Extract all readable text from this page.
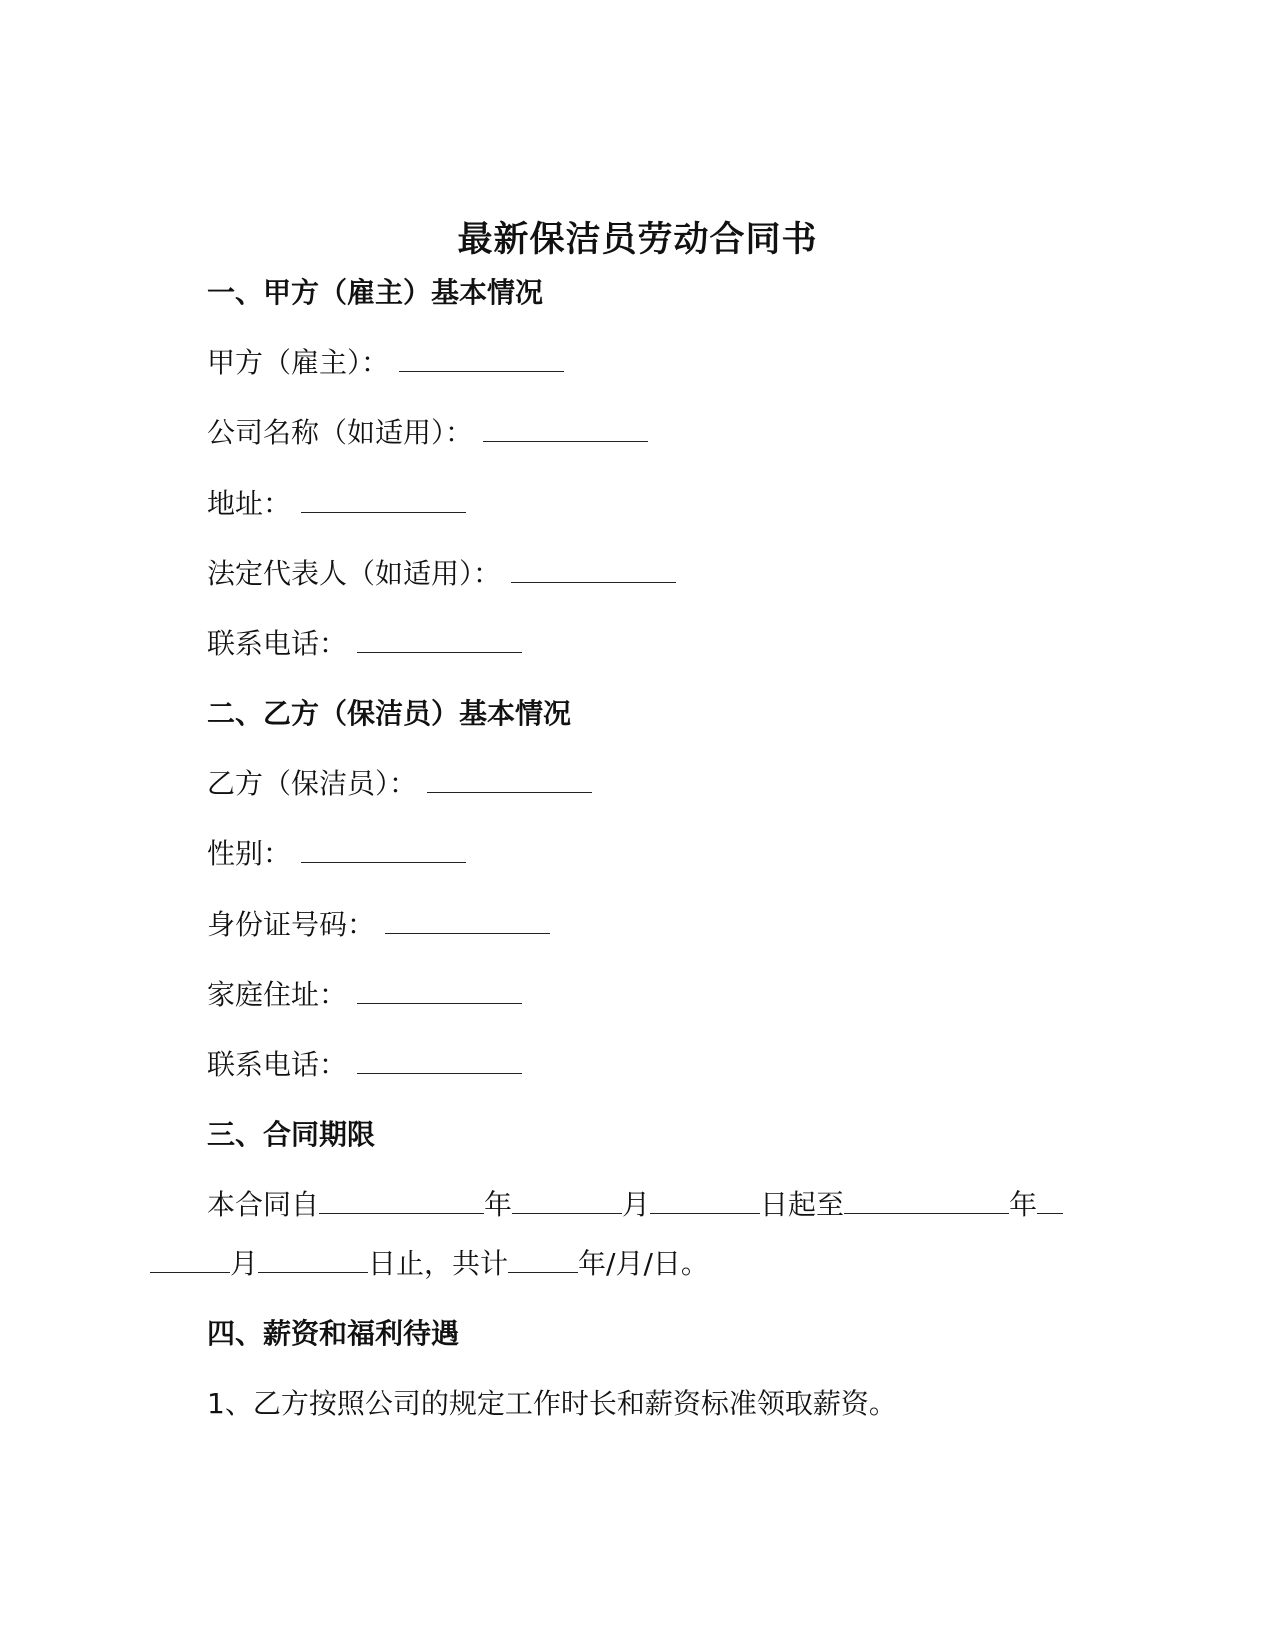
最新保洁员劳动合同书
一、甲方（雇主）基本情况
甲方（雇主）：
公司名称（如适用）：
地址：
法定代表人（如适用）：
联系电话：
二、乙方（保洁员）基本情况
乙方（保洁员）：
性别：
身份证号码：
家庭住址：
联系电话：
三、合同期限
本合同自	年	月	日起至	年
月	日止，共计	年/月/日。
四、薪资和福利待遇
1、乙方按照公司的规定工作时长和薪资标准领取薪资。
